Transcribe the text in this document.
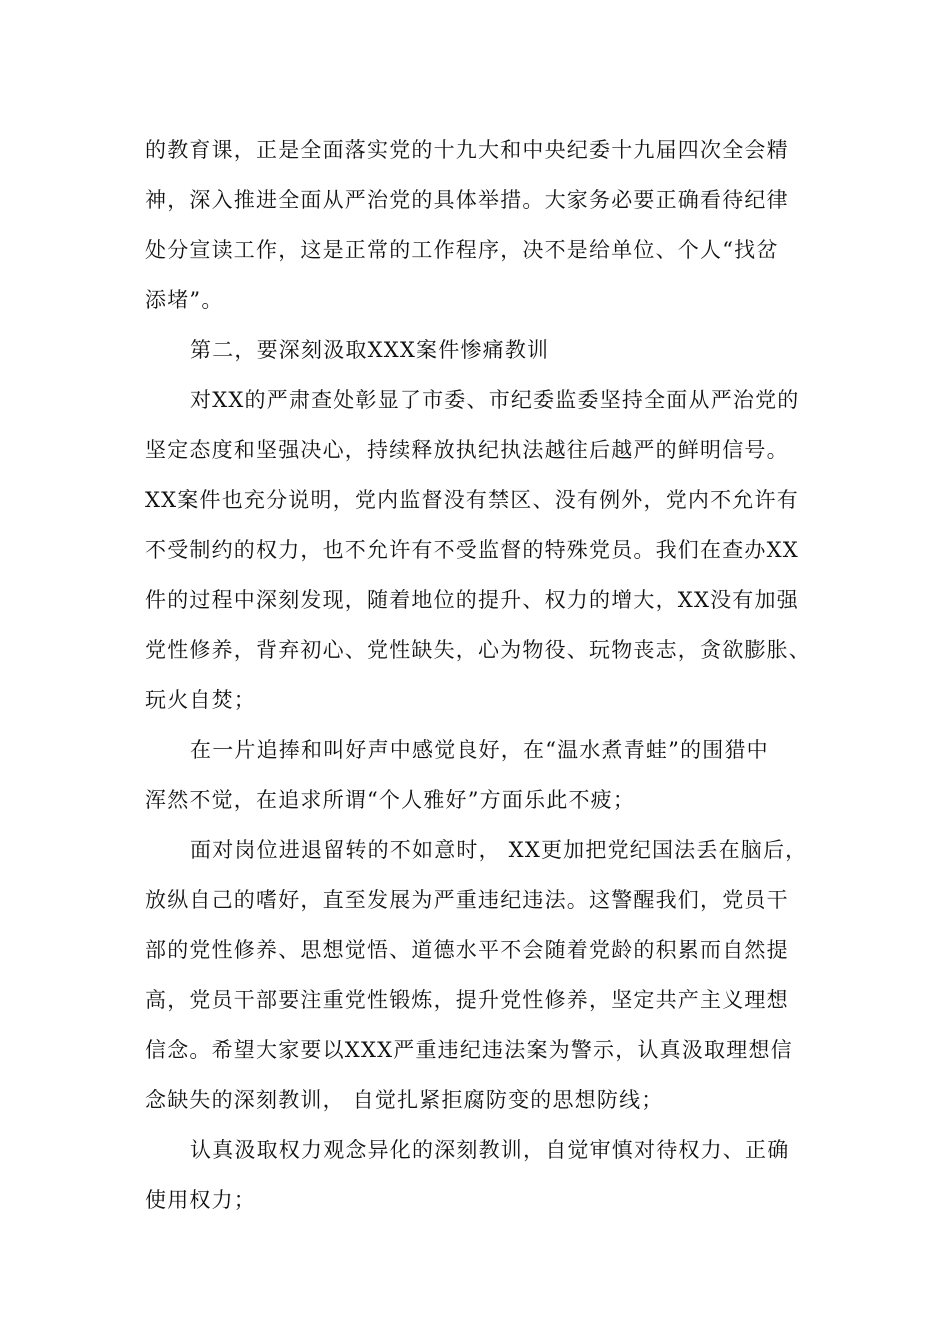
的教育课，正是全面落实党的十九大和中央纪委十九届四次全会精
神，深入推进全面从严治党的具体举措。大家务必要正确看待纪律
处分宣读工作，这是正常的工作程序，决不是给单位、个人“找岔
添堵”。
第二，要深刻汲取XXX案件惨痛教训
对XX的严肃查处彰显了市委、市纪委监委坚持全面从严治党的
坚定态度和坚强决心，持续释放执纪执法越往后越严的鲜明信号。
XX案件也充分说明，党内监督没有禁区、没有例外，党内不允许有
不受制约的权力，也不允许有不受监督的特殊党员。我们在查办XX
件的过程中深刻发现，随着地位的提升、权力的增大，XX没有加强
党性修养，背弃初心、党性缺失，心为物役、玩物丧志，贪欲膨胀、
玩火自焚；
在一片追捧和叫好声中感觉良好，在“温水煮青蛙”的围猎中
浑然不觉，在追求所谓“个人雅好”方面乐此不疲；
面对岗位进退留转的不如意时， XX更加把党纪国法丢在脑后，
放纵自己的嗜好，直至发展为严重违纪违法。这警醒我们，党员干
部的党性修养、思想觉悟、道德水平不会随着党龄的积累而自然提
高，党员干部要注重党性锻炼，提升党性修养，坚定共产主义理想
信念。希望大家要以XXX严重违纪违法案为警示，认真汲取理想信
念缺失的深刻教训， 自觉扎紧拒腐防变的思想防线；
认真汲取权力观念异化的深刻教训，自觉审慎对待权力、正确
使用权力；
